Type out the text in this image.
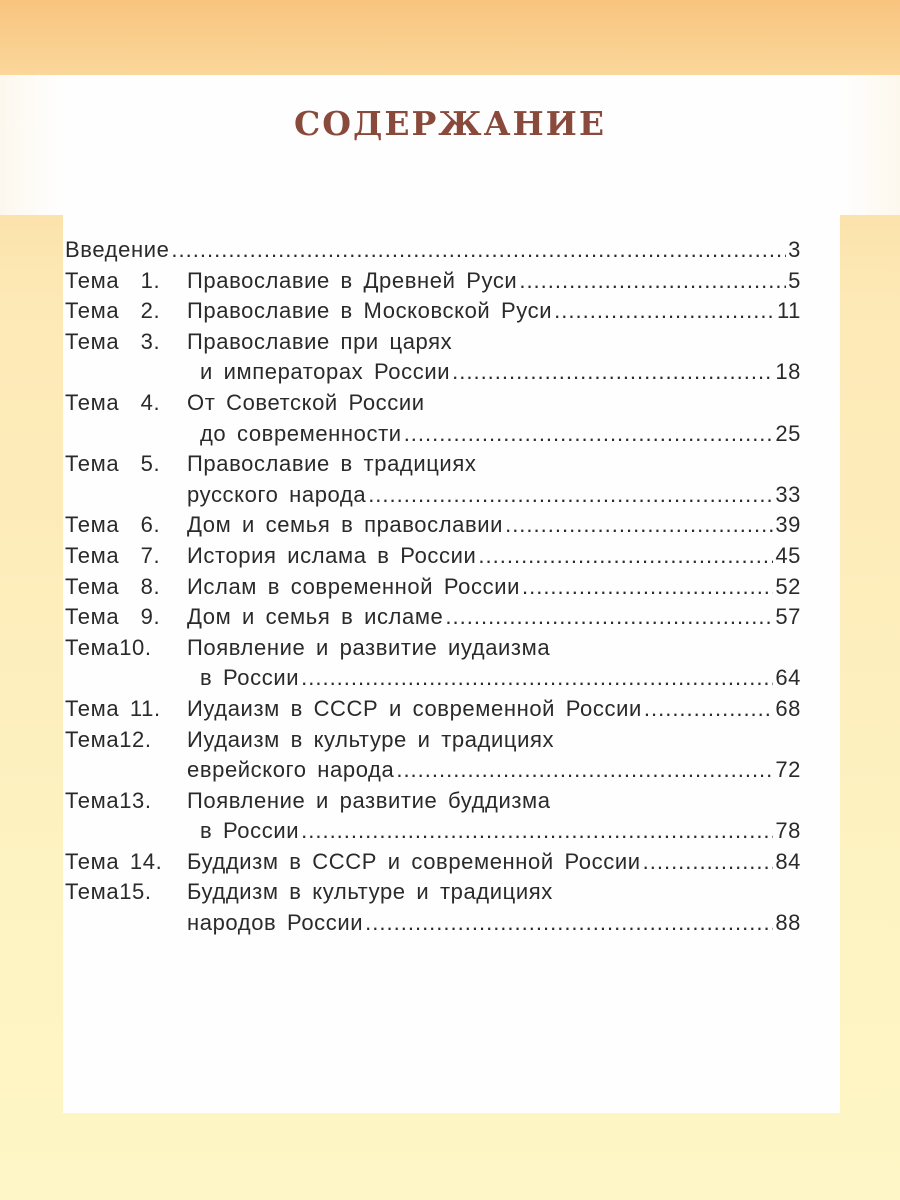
СОДЕРЖАНИЕ
Введение .....	3
Тема  1.	Православие в Древней Руси .....	5
Тема  2.	Православие в Московской Руси .....	11
Тема  3.	Православие при царях
и императорах России .....	18
Тема  4.	От Советской России
до современности .....	25
Тема  5.	Православие в традициях
русского народа .....	33
Тема  6.	Дом и семья в православии .....	39
Тема  7.	История ислама в России .....	45
Тема  8.	Ислам в современной России .....	52
Тема  9.	Дом и семья в исламе .....	57
Тема10.	Появление и развитие иудаизма
в России .....	64
Тема 11.	Иудаизм в СССР и современной России .....	68
Тема12.	Иудаизм в культуре и традициях
еврейского народа .....	72
Тема13.	Появление и развитие буддизма
в России .....	78
Тема 14.	Буддизм в СССР и современной России .....	84
Тема15.	Буддизм в культуре и традициях
народов России .....	88
